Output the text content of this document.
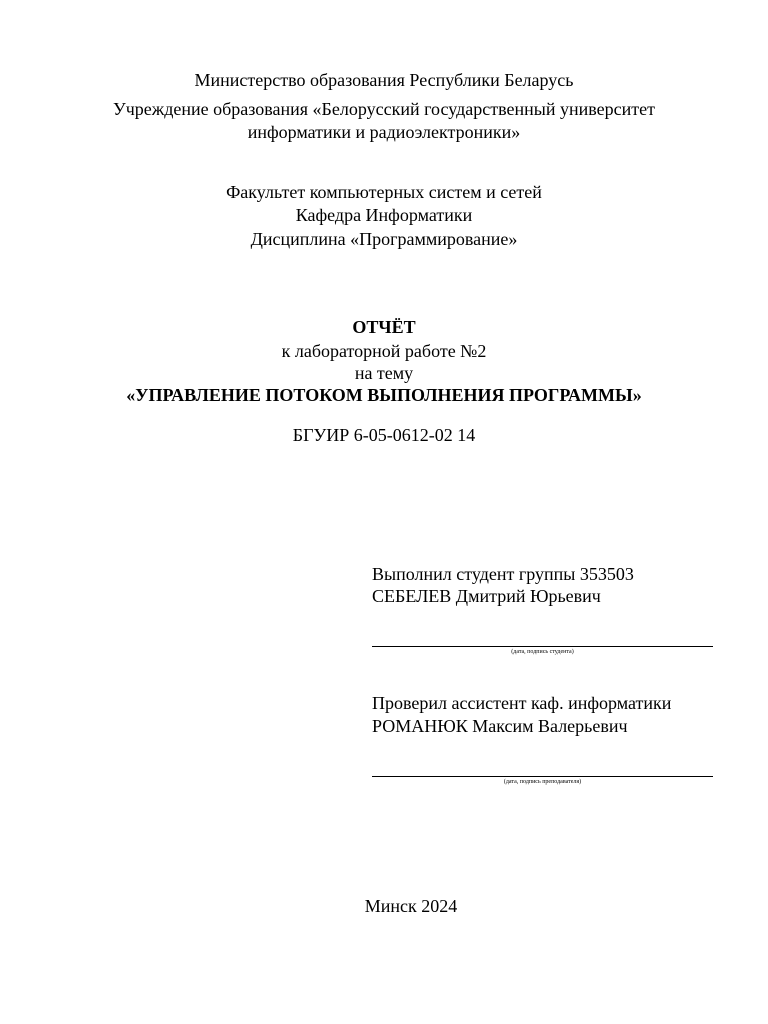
Министерство образования Республики Беларусь
Учреждение образования «Белорусский государственный университет
информатики и радиоэлектроники»
Факультет компьютерных систем и сетей
Кафедра Информатики
Дисциплина «Программирование»
ОТЧЁТ
к лабораторной работе №2
на тему
«УПРАВЛЕНИЕ ПОТОКОМ ВЫПОЛНЕНИЯ ПРОГРАММЫ»
БГУИР 6-05-0612-02 14
Выполнил студент группы 353503
СЕБЕЛЕВ Дмитрий Юрьевич
(дата, подпись студента)
Проверил ассистент каф. информатики
РОМАНЮК Максим Валерьевич
(дата, подпись преподавателя)
Минск 2024
